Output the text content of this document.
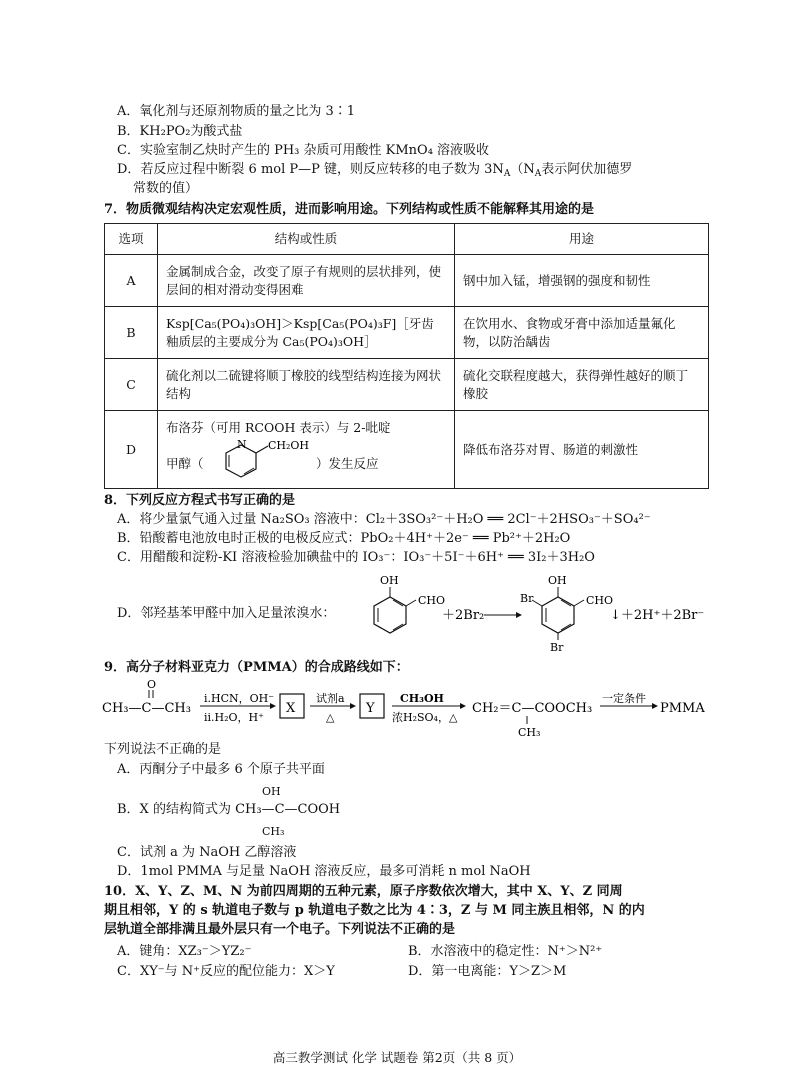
A．氧化剂与还原剂物质的量之比为 3∶1
B．KH₂PO₂为酸式盐
C．实验室制乙炔时产生的 PH₃ 杂质可用酸性 KMnO₄ 溶液吸收
D．若反应过程中断裂 6 mol P—P 键，则反应转移的电子数为 $3N_A(N_A$表示阿伏加德罗
常数的值）
7．物质微观结构决定宏观性质，进而影响用途。下列结构或性质不能解释其用途的是
选项	结构或性质	用途
A	金属制成合金，改变了原子有规则的层状排列，使层间的相对滑动变得困难	钢中加入锰，增强钢的强度和韧性
B	Ksp[Ca₅(PO₄)₃OH]＞Ksp[Ca₅(PO₄)₃F]［牙齿釉质层的主要成分为 Ca₅(PO₄)₃OH］	在饮用水、食物或牙膏中添加适量氟化物，以防治龋齿
C	硫化剂以二硫键将顺丁橡胶的线型结构连接为网状结构	硫化交联程度越大，获得弹性越好的顺丁橡胶
D	布洛芬（可用 RCOOH 表示）与 2-吡啶
甲醇（
N CH₂OH
）发生反应	降低布洛芬对胃、肠道的刺激性
8．下列反应方程式书写正确的是
A．将少量氯气通入过量 Na₂SO₃ 溶液中：Cl₂＋3SO₃²⁻＋H₂O ══ 2Cl⁻＋2HSO₃⁻＋SO₄²⁻
B．铅酸蓄电池放电时正极的电极反应式：PbO₂＋4H⁺＋2e⁻ ══ Pb²⁺＋2H₂O
C．用醋酸和淀粉-KI 溶液检验加碘盐中的 IO₃⁻：IO₃⁻＋5I⁻＋6H⁺ ══ 3I₂＋3H₂O
D．邻羟基苯甲醛中加入足量浓溴水：
OH
CHO
＋2Br₂
OH
CHO
Br
Br
↓＋2H⁺＋2Br⁻
9．高分子材料亚克力（PMMA）的合成路线如下：
O
CH₃—C—CH₃
i.HCN，OH⁻
ii.H₂O，H⁺
X
试剂a
△
Y
CH₃OH
浓H₂SO₄，△
CH₂＝C—COOCH₃
CH₃
一定条件
PMMA
下列说法不正确的是
A．丙酮分子中最多 6 个原子共平面
OH
B．X 的结构简式为 CH₃—C—COOH
CH₃
C．试剂 a 为 NaOH 乙醇溶液
D．1mol PMMA 与足量 NaOH 溶液反应，最多可消耗 n mol NaOH
10．X、Y、Z、M、N 为前四周期的五种元素，原子序数依次增大，其中 X、Y、Z 同周
期且相邻，Y 的 s 轨道电子数与 p 轨道电子数之比为 4∶3，Z 与 M 同主族且相邻，N 的内
层轨道全部排满且最外层只有一个电子。下列说法不正确的是
A．键角：XZ₃⁻＞YZ₂⁻	B．水溶液中的稳定性：N⁺＞N²⁺
C．XY⁻与 N⁺反应的配位能力：X＞Y	D．第一电离能：Y＞Z＞M
高三教学测试 化学 试题卷 第2页（共 8 页）
